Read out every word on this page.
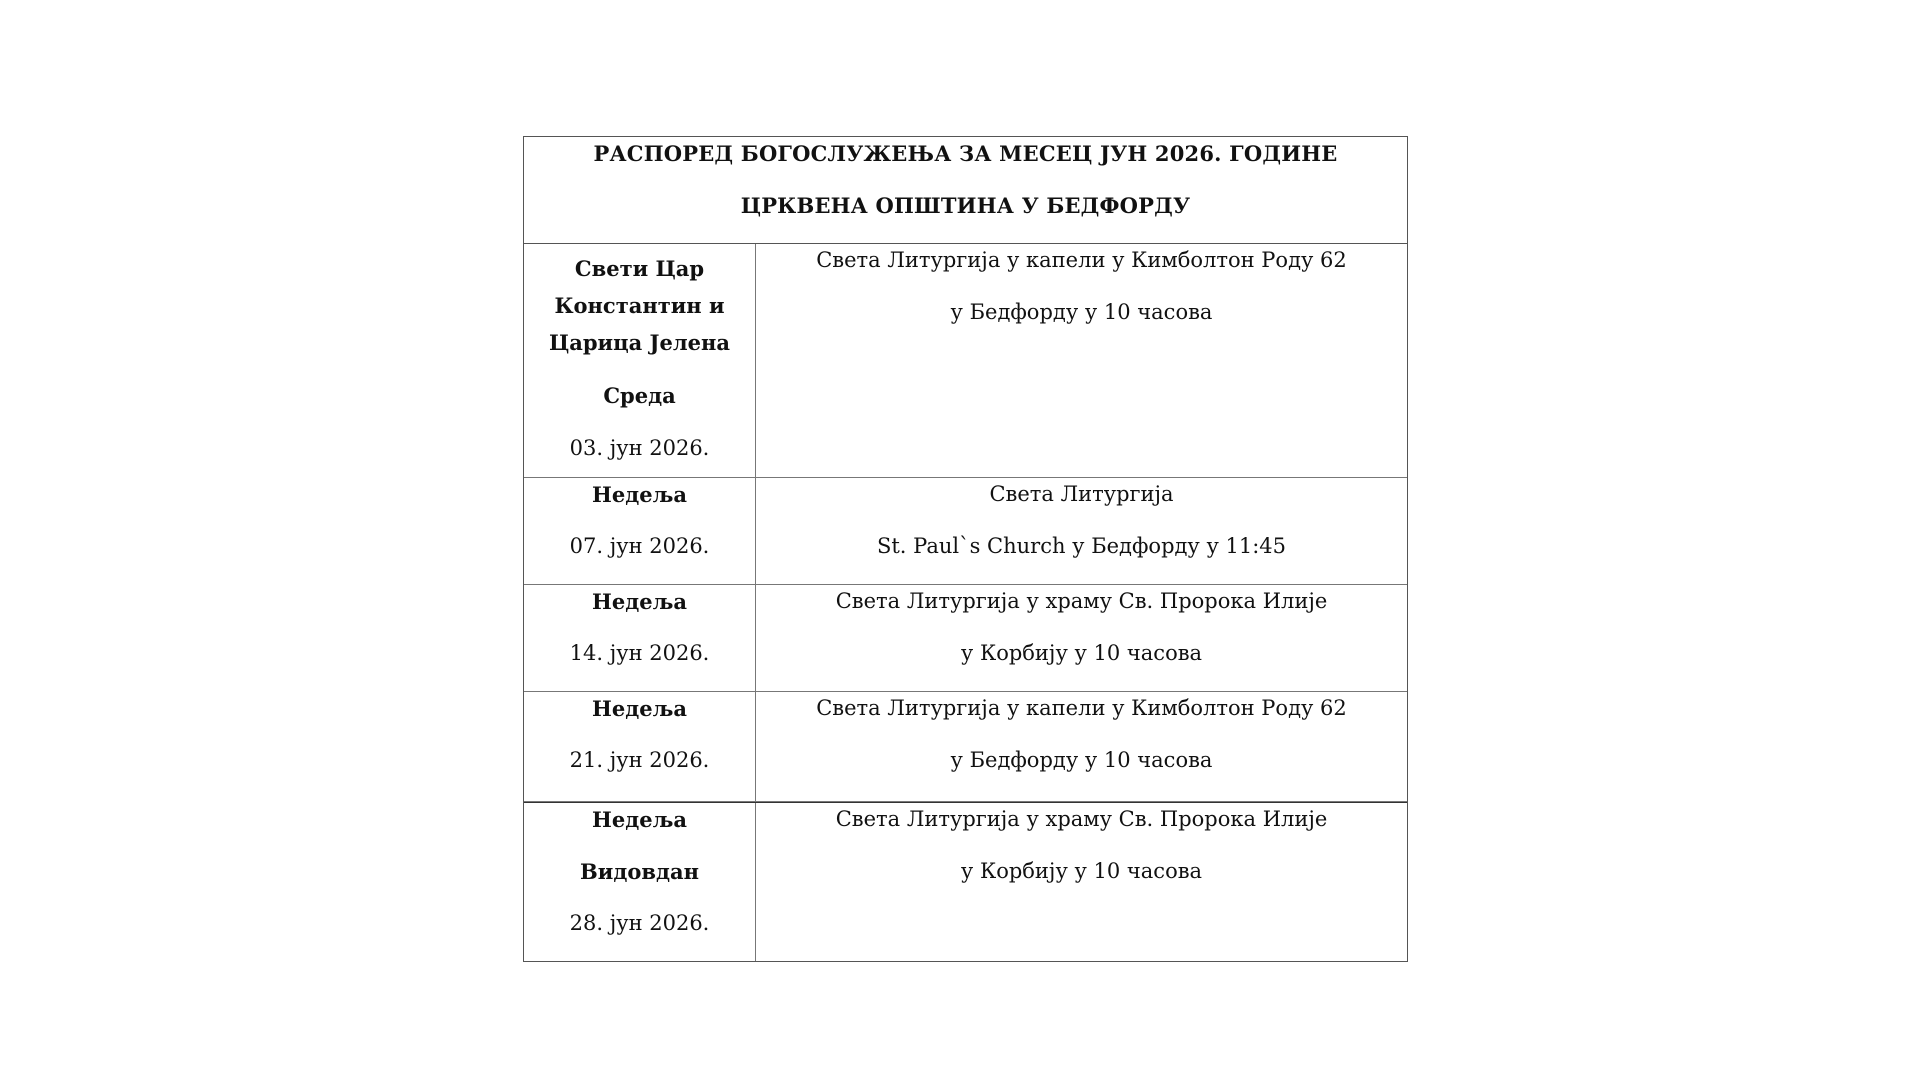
РАСПОРЕД БОГОСЛУЖЕЊА ЗА МЕСЕЦ ЈУН 2026. ГОДИНЕ
ЦРКВЕНА ОПШТИНА У БЕДФОРДУ
Свети Цар
Константин и
Царица Јелена
Среда
03. јун 2026.
Света Литургија у капели у Кимболтон Роду 62
у Бедфорду у 10 часова
Недеља
07. јун 2026.
Света Литургија
St. Paul`s Church у Бедфорду у 11:45
Недеља
14. јун 2026.
Света Литургија у храму Св. Пророка Илије
у Корбију у 10 часова
Недеља
21. јун 2026.
Света Литургија у капели у Кимболтон Роду 62
у Бедфорду у 10 часова
Недеља
Видовдан
28. јун 2026.
Света Литургија у храму Св. Пророка Илије
у Корбију у 10 часова
